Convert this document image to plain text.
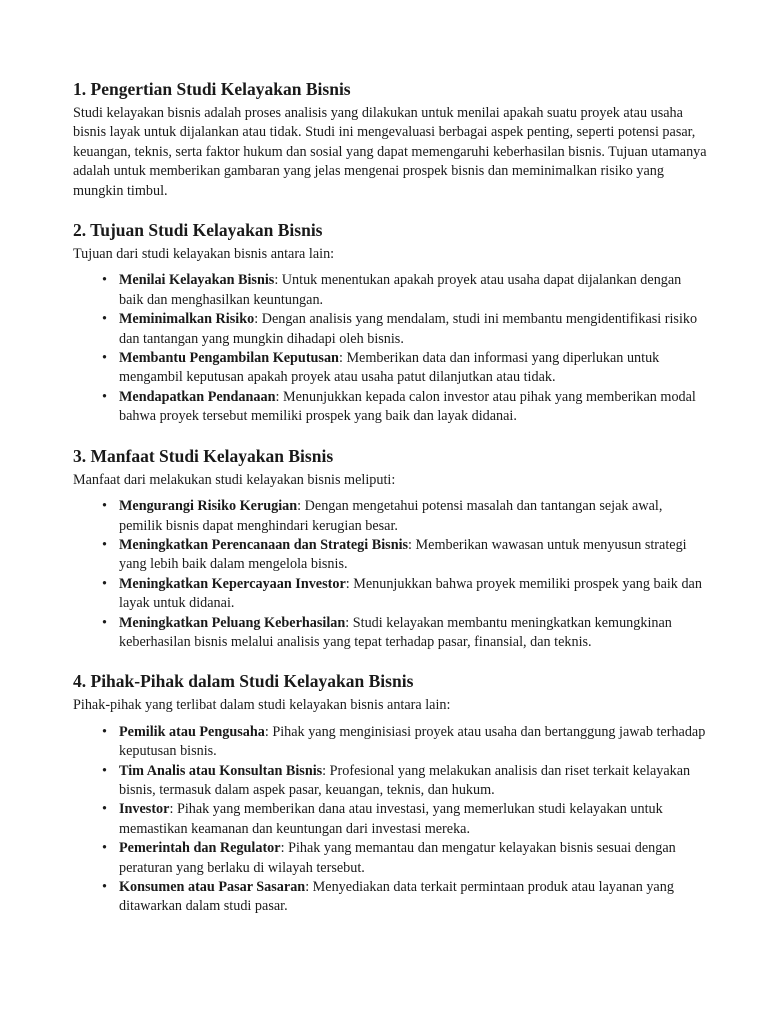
1. Pengertian Studi Kelayakan Bisnis

Studi kelayakan bisnis adalah proses analisis yang dilakukan untuk menilai apakah suatu proyek atau usaha bisnis layak untuk dijalankan atau tidak. Studi ini mengevaluasi berbagai aspek penting, seperti potensi pasar, keuangan, teknis, serta faktor hukum dan sosial yang dapat memengaruhi keberhasilan bisnis. Tujuan utamanya adalah untuk memberikan gambaran yang jelas mengenai prospek bisnis dan meminimalkan risiko yang mungkin timbul.

2. Tujuan Studi Kelayakan Bisnis

Tujuan dari studi kelayakan bisnis antara lain:

• Menilai Kelayakan Bisnis: Untuk menentukan apakah proyek atau usaha dapat dijalankan dengan baik dan menghasilkan keuntungan.
• Meminimalkan Risiko: Dengan analisis yang mendalam, studi ini membantu mengidentifikasi risiko dan tantangan yang mungkin dihadapi oleh bisnis.
• Membantu Pengambilan Keputusan: Memberikan data dan informasi yang diperlukan untuk mengambil keputusan apakah proyek atau usaha patut dilanjutkan atau tidak.
• Mendapatkan Pendanaan: Menunjukkan kepada calon investor atau pihak yang memberikan modal bahwa proyek tersebut memiliki prospek yang baik dan layak didanai.
3. Manfaat Studi Kelayakan Bisnis

Manfaat dari melakukan studi kelayakan bisnis meliputi:

• Mengurangi Risiko Kerugian: Dengan mengetahui potensi masalah dan tantangan sejak awal, pemilik bisnis dapat menghindari kerugian besar.
• Meningkatkan Perencanaan dan Strategi Bisnis: Memberikan wawasan untuk menyusun strategi yang lebih baik dalam mengelola bisnis.
• Meningkatkan Kepercayaan Investor: Menunjukkan bahwa proyek memiliki prospek yang baik dan layak untuk didanai.
• Meningkatkan Peluang Keberhasilan: Studi kelayakan membantu meningkatkan kemungkinan keberhasilan bisnis melalui analisis yang tepat terhadap pasar, finansial, dan teknis.
4. Pihak-Pihak dalam Studi Kelayakan Bisnis

Pihak-pihak yang terlibat dalam studi kelayakan bisnis antara lain:

• Pemilik atau Pengusaha: Pihak yang menginisiasi proyek atau usaha dan bertanggung jawab terhadap keputusan bisnis.
• Tim Analis atau Konsultan Bisnis: Profesional yang melakukan analisis dan riset terkait kelayakan bisnis, termasuk dalam aspek pasar, keuangan, teknis, dan hukum.
• Investor: Pihak yang memberikan dana atau investasi, yang memerlukan studi kelayakan untuk memastikan keamanan dan keuntungan dari investasi mereka.
• Pemerintah dan Regulator: Pihak yang memantau dan mengatur kelayakan bisnis sesuai dengan peraturan yang berlaku di wilayah tersebut.
• Konsumen atau Pasar Sasaran: Menyediakan data terkait permintaan produk atau layanan yang ditawarkan dalam studi pasar.
